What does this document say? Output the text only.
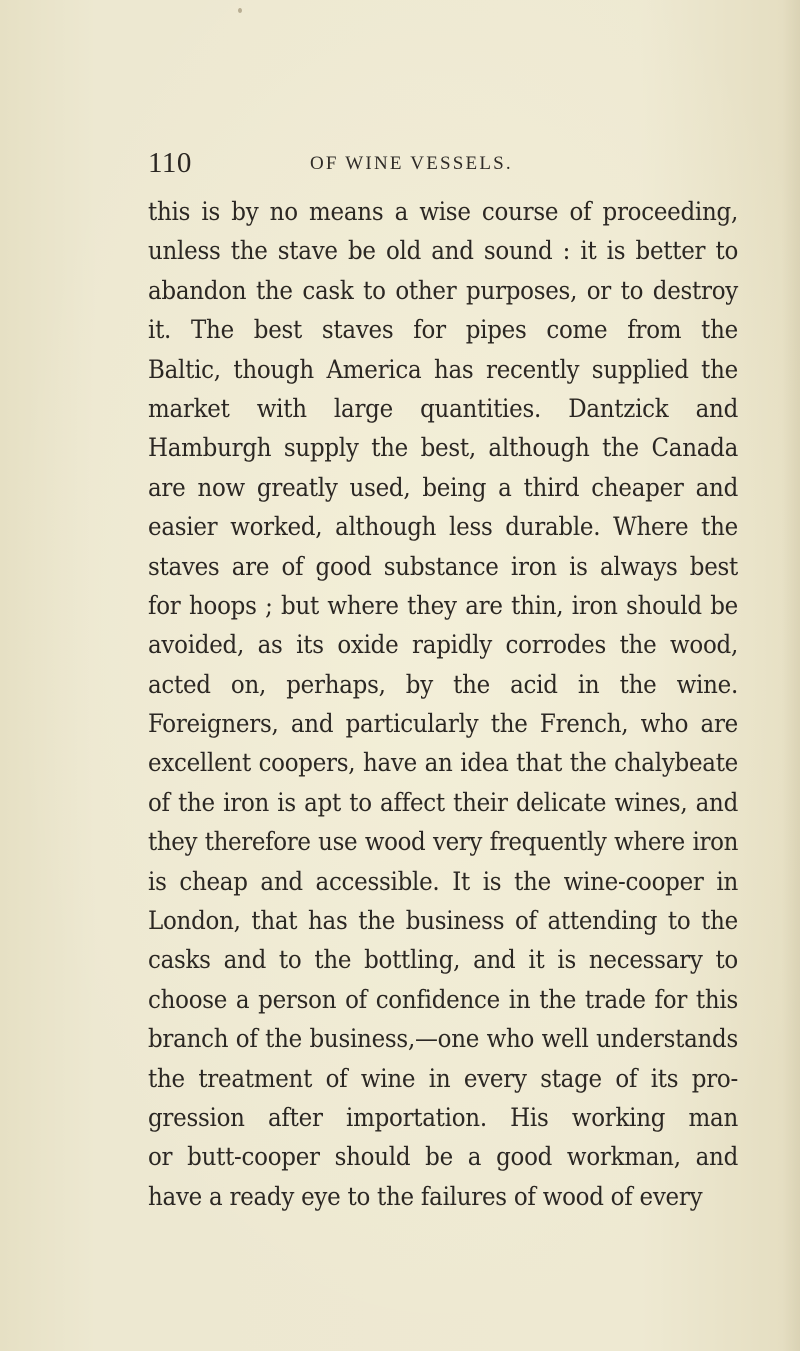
110	OF WINE VESSELS.
this is by no means a wise course of proceeding,
unless the stave be old and sound : it is better to
abandon the cask to other purposes, or to destroy
it. The best staves for pipes come from the
Baltic, though America has recently supplied the
market with large quantities. Dantzick and
Hamburgh supply the best, although the Canada
are now greatly used, being a third cheaper and
easier worked, although less durable. Where the
staves are of good substance iron is always best
for hoops ; but where they are thin, iron should be
avoided, as its oxide rapidly corrodes the wood,
acted on, perhaps, by the acid in the wine.
Foreigners, and particularly the French, who are
excellent coopers, have an idea that the chalybeate
of the iron is apt to affect their delicate wines, and
they therefore use wood very frequently where iron
is cheap and accessible. It is the wine-cooper in
London, that has the business of attending to the
casks and to the bottling, and it is necessary to
choose a person of confidence in the trade for this
branch of the business,—one who well understands
the treatment of wine in every stage of its pro-
gression after importation. His working man
or butt-cooper should be a good workman, and
have a ready eye to the failures of wood of every
